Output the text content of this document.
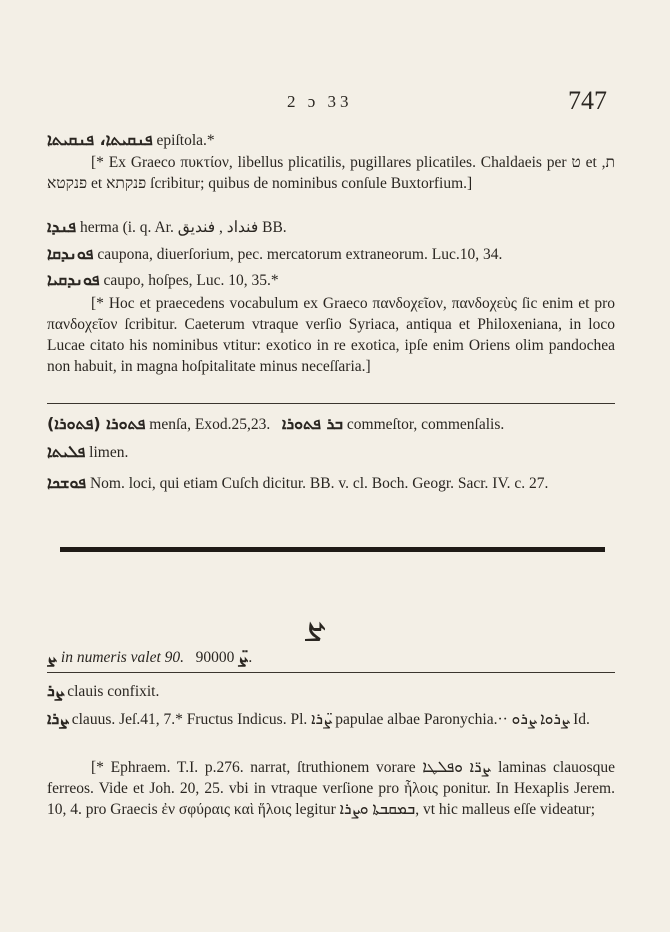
2 ɔ 33	747
ܦܢܩܝܬܐ، ܦܢܩܝܬܐ epiſtola.*
[* Ex Graeco πυκτίον, libellus plicatilis, pugillares plicatiles. Chaldaeis per ט et ת, פנקטא et פנקתא ſcribitur; quibus de nominibus conſule Buxtorfium.]
ܦܢܕܐ herma (i. q. Ar. فنداد , فنديق BB.
ܦܘܢܕܩܐ caupona, diuerſorium, pec. mercatorum extraneorum. Luc.10, 34.
ܦܘܢܕܩܝܐ caupo, hoſpes, Luc. 10, 35.*
[* Hoc et praecedens vocabulum ex Graeco πανδοχεῖον, πανδοχεὺς ſic enim et pro πανδοχεῖον ſcribitur. Caeterum vtraque verſio Syriaca, antiqua et Philoxeniana, in loco Lucae citato his nominibus vtitur: exotico in re exotica, ipſe enim Oriens olim pandochea non habuit, in magna hoſpitalitate minus neceſſaria.]
(ܦܬܘܪܐ) ܦܬܘܪܐ menſa, Exod.25,23. ܒܪ ܦܬܘܪܐ commeſtor, commenſalis.
ܦܠܝܬܐ limen.
ܦܘܫܟܐ Nom. loci, qui etiam Cuſch dicitur. BB. v. cl. Boch. Geogr. Sacr. IV. c. 27.
ܨ
ܨ in numeris valet 90.	ܨ̈ 90000.
ܨܪ clauis confixit.
ܨܪܐ clauus. Jeſ.41, 7.* Fructus Indicus. Pl. ܨ̈ܪܐ papulae albae Paronychia.·· ܨܪܘܐ ܨܪܘ Id.
[* Ephraem. T.I. p.276. narrat, ſtruthionem vorare ܨܪ̈ܐ ܘܦܠܛܐ laminas clauosque ferreos. Vide et Joh. 20, 25. vbi in vtraque verſione pro ἧλοις ponitur. In Hexaplis Jerem. 10, 4. pro Graecis ἐν σφύραις καὶ ἥλοις legitur ܒܡܩܒܬܐ ܘܨܪܐ, vt hic malleus eſſe videatur;
